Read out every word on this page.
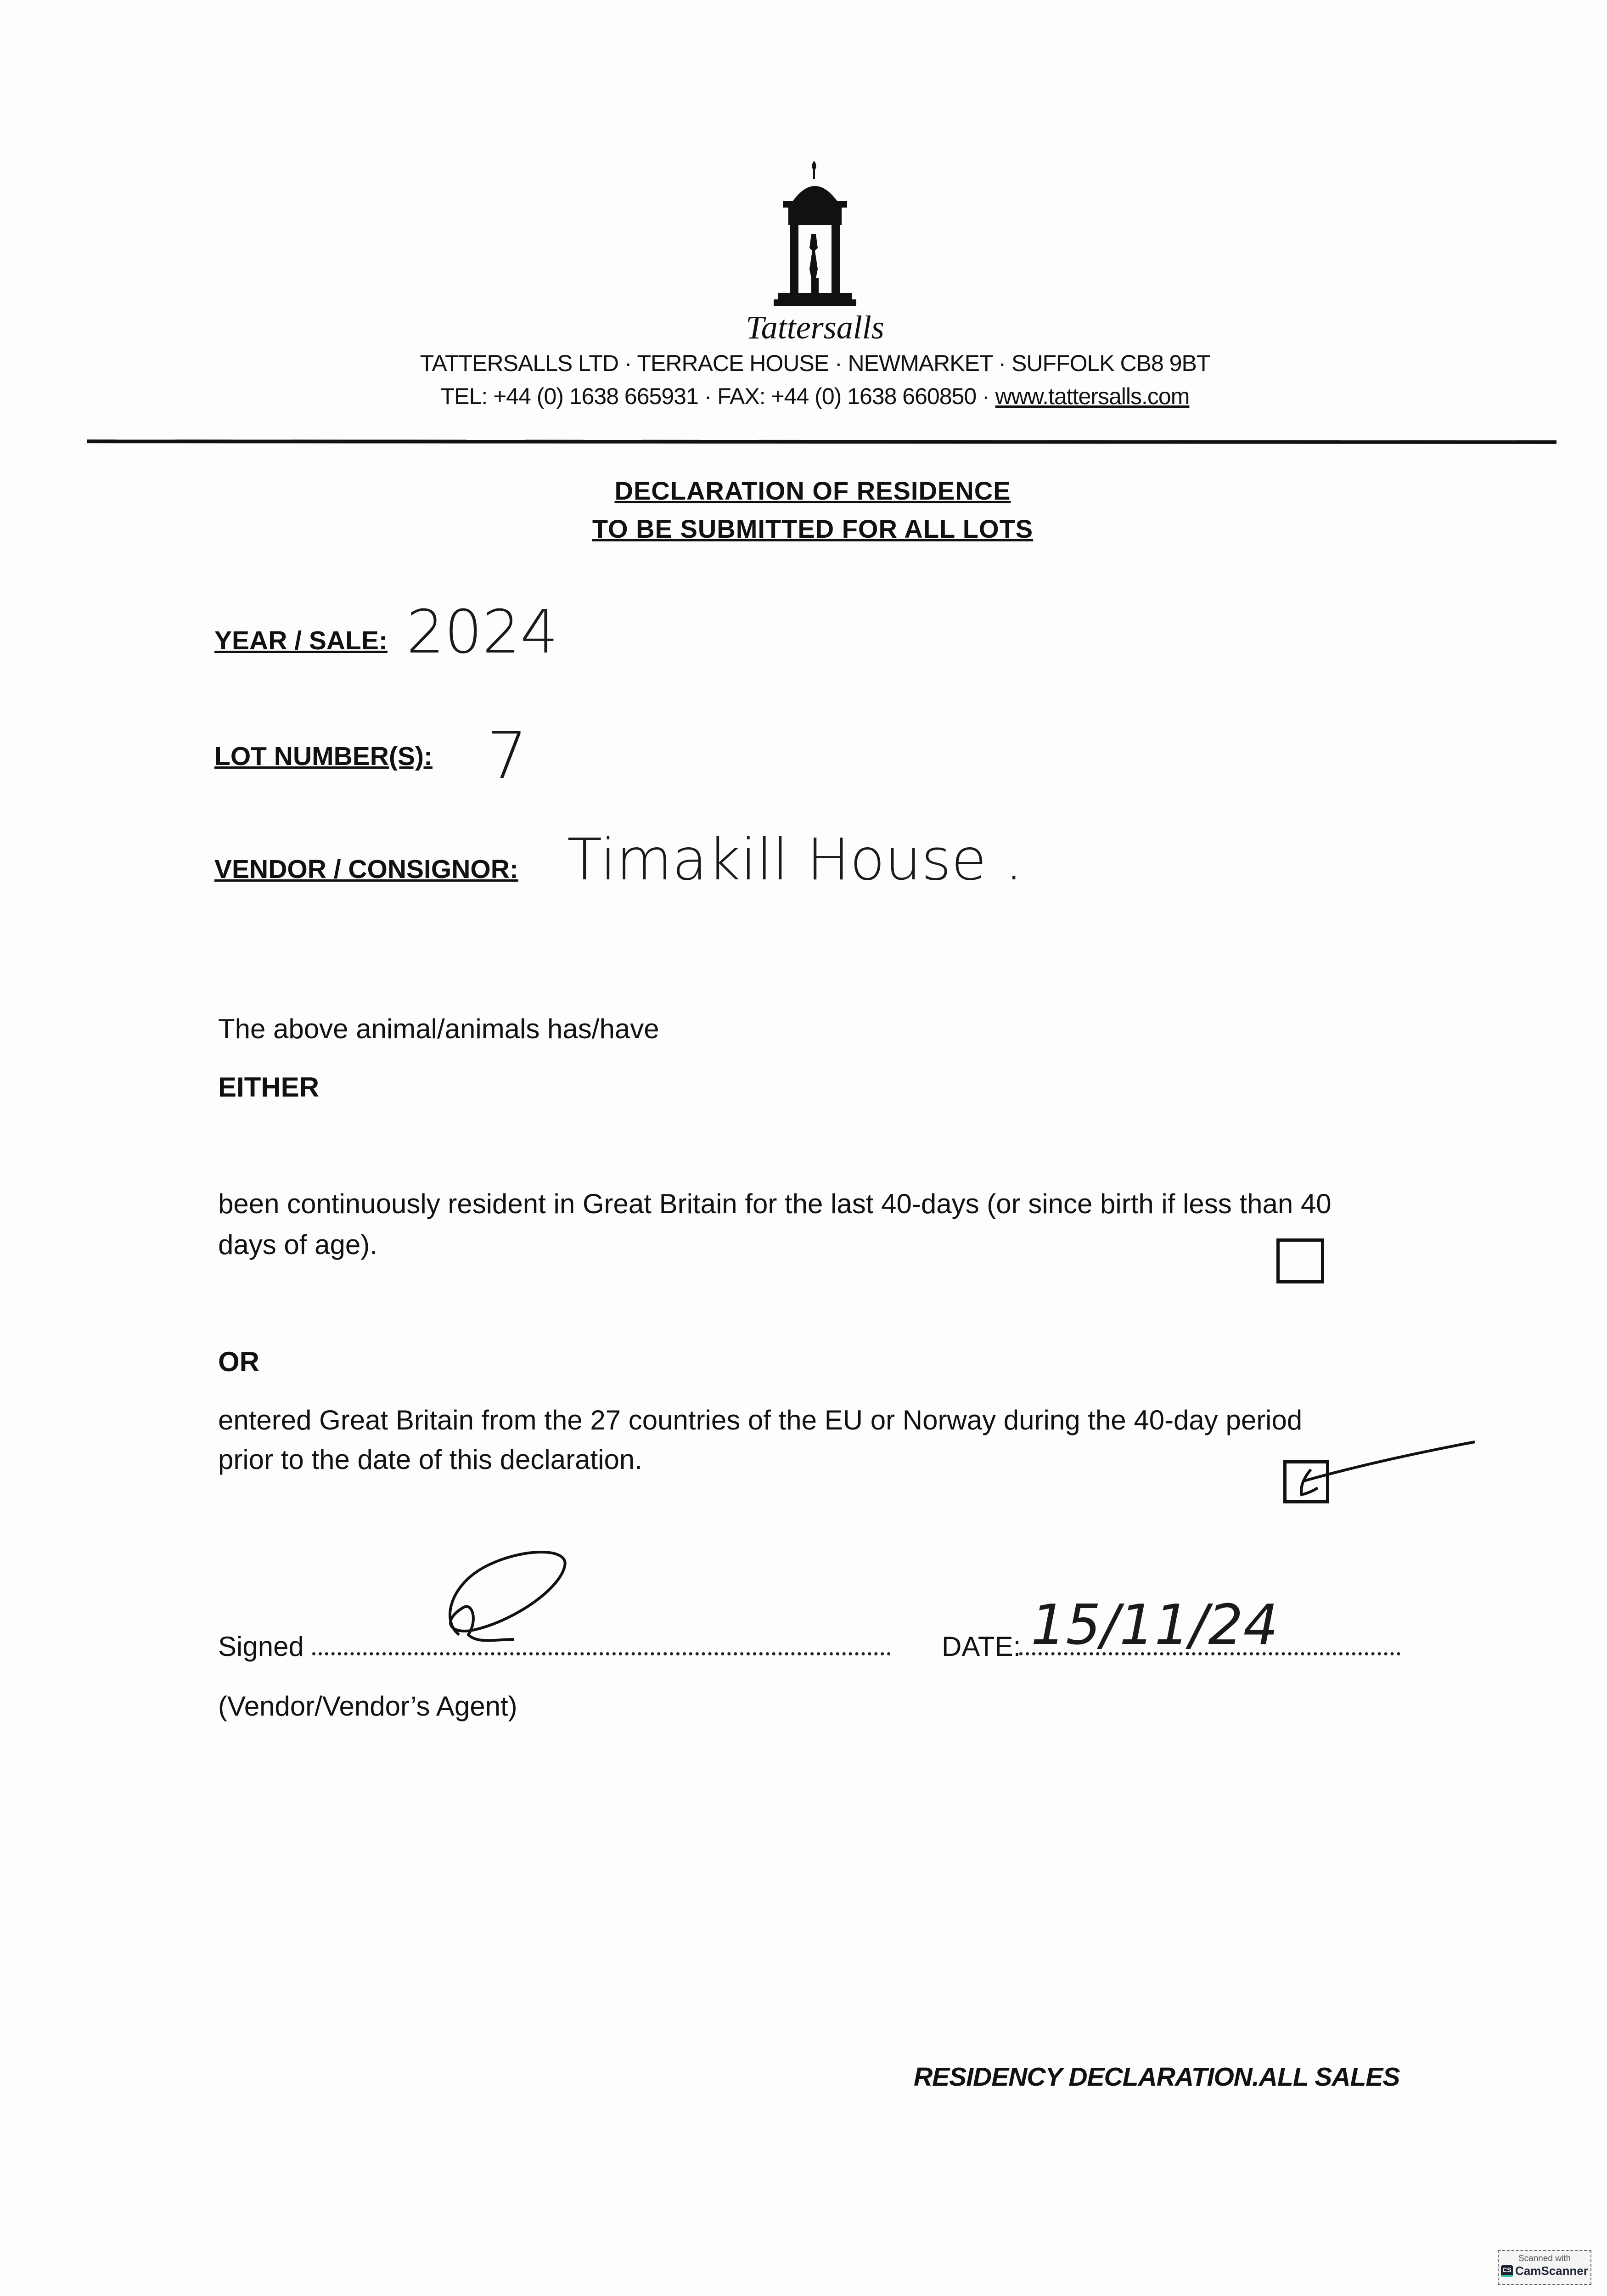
Tattersalls
TATTERSALLS LTD · TERRACE HOUSE · NEWMARKET · SUFFOLK CB8 9BT
TEL: +44 (0) 1638 665931 · FAX: +44 (0) 1638 660850 · www.tattersalls.com
DECLARATION OF RESIDENCE
TO BE SUBMITTED FOR ALL LOTS
YEAR / SALE: 2024
LOT NUMBER(S): 7
VENDOR / CONSIGNOR: Timakill House .
The above animal/animals has/have
EITHER
been continuously resident in Great Britain for the last 40-days (or since birth if less than 40
days of age).
OR
entered Great Britain from the 27 countries of the EU or Norway during the 40-day period
prior to the date of this declaration.
Signed
(Vendor/Vendor’s Agent)
DATE: 15/11/24
RESIDENCY DECLARATION.ALL SALES
Scanned with
CS CamScanner
